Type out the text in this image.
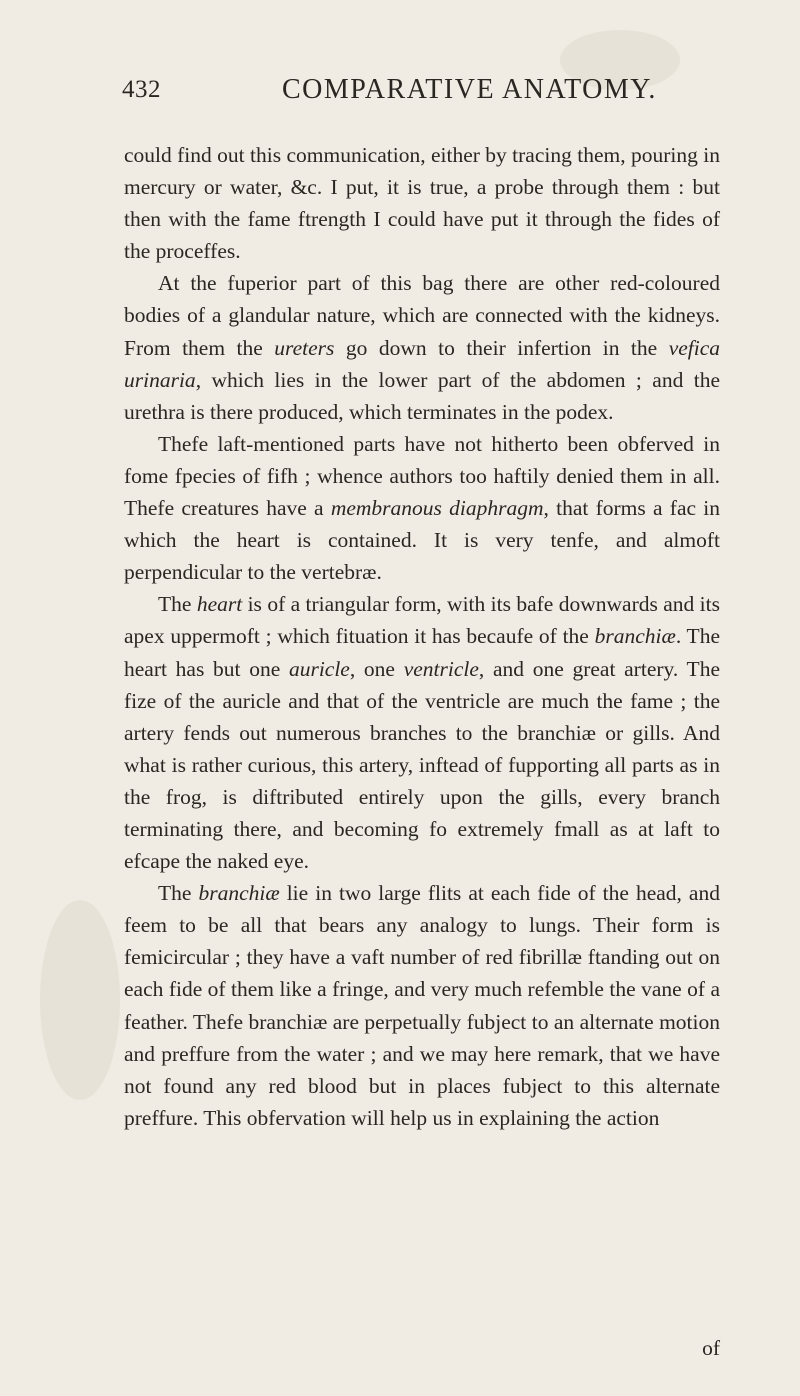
432	COMPARATIVE ANATOMY.

could find out this communication, either by tracing them, pouring in mercury or water, &c. I put, it is true, a probe through them : but then with the fame ftrength I could have put it through the fides of the proceffes.

At the fuperior part of this bag there are other red-coloured bodies of a glandular nature, which are connected with the kidneys. From them the ureters go down to their infertion in the vefica urinaria, which lies in the lower part of the abdomen ; and the urethra is there produced, which terminates in the podex.

Thefe laft-mentioned parts have not hitherto been obferved in fome fpecies of fifh ; whence authors too haftily denied them in all. Thefe creatures have a membranous diaphragm, that forms a fac in which the heart is contained. It is very tenfe, and almoft perpendicular to the vertebræ.

The heart is of a triangular form, with its bafe downwards and its apex uppermoft ; which fituation it has becaufe of the branchiæ. The heart has but one auricle, one ventricle, and one great artery. The fize of the auricle and that of the ventricle are much the fame ; the artery fends out numerous branches to the branchiæ or gills. And what is rather curious, this artery, inftead of fupporting all parts as in the frog, is diftributed entirely upon the gills, every branch terminating there, and becoming fo extremely fmall as at laft to efcape the naked eye.

The branchiæ lie in two large flits at each fide of the head, and feem to be all that bears any analogy to lungs. Their form is femicircular ; they have a vaft number of red fibrillæ ftanding out on each fide of them like a fringe, and very much refemble the vane of a feather. Thefe branchiæ are perpetually fubject to an alternate motion and preffure from the water ; and we may here remark, that we have not found any red blood but in places fubject to this alternate preffure. This obfervation will help us in explaining the action

of
